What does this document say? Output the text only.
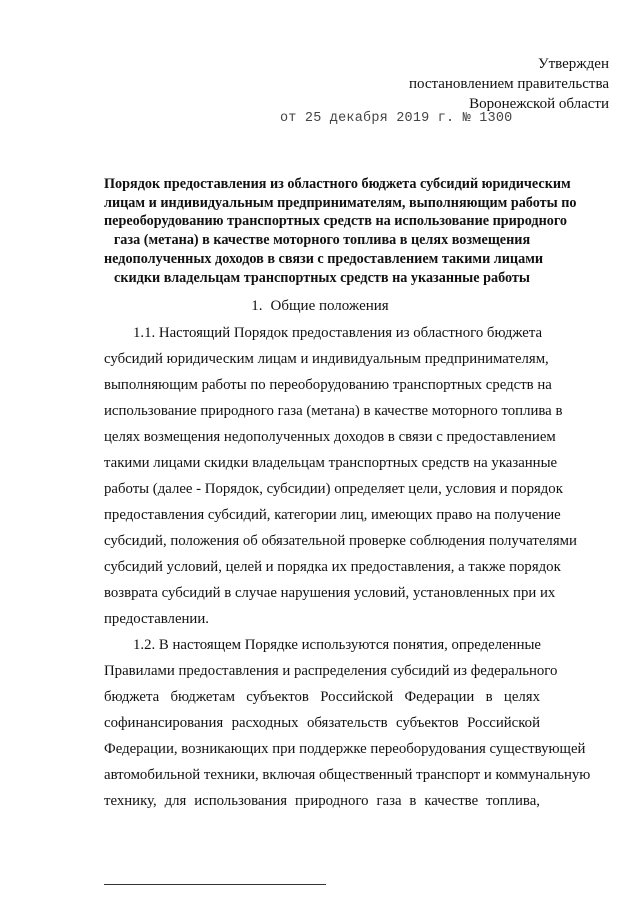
Утвержден
постановлением правительства
Воронежской области
от 25 декабря 2019 г. № 1300
Порядок предоставления из областного бюджета субсидий юридическим
лицам и индивидуальным предпринимателям, выполняющим работы по
переоборудованию транспортных средств на использование природного
газа (метана) в качестве моторного топлива в целях возмещения
недополученных доходов в связи с предоставлением такими лицами
скидки владельцам транспортных средств на указанные работы
1. Общие положения
1.1. Настоящий Порядок предоставления из областного бюджета
субсидий юридическим лицам и индивидуальным предпринимателям,
выполняющим работы по переоборудованию транспортных средств на
использование природного газа (метана) в качестве моторного топлива в
целях возмещения недополученных доходов в связи с предоставлением
такими лицами скидки владельцам транспортных средств на указанные
работы (далее - Порядок, субсидии) определяет цели, условия и порядок
предоставления субсидий, категории лиц, имеющих право на получение
субсидий, положения об обязательной проверке соблюдения получателями
субсидий условий, целей и порядка их предоставления, а также порядок
возврата субсидий в случае нарушения условий, установленных при их
предоставлении.
1.2. В настоящем Порядке используются понятия, определенные
Правилами предоставления и распределения субсидий из федерального
бюджета бюджетам субъектов Российской Федерации в целях
софинансирования расходных обязательств субъектов Российской
Федерации, возникающих при поддержке переоборудования существующей
автомобильной техники, включая общественный транспорт и коммунальную
технику, для использования природного газа в качестве топлива,
